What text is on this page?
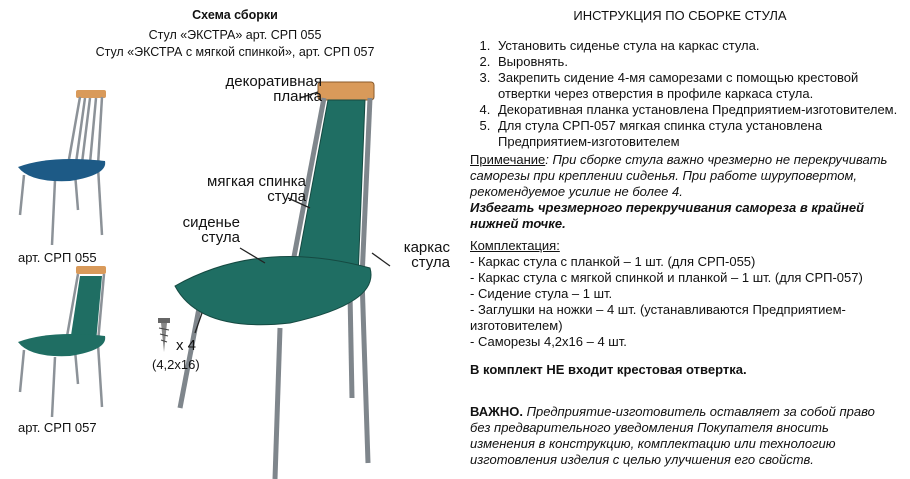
Схема сборки
Стул «ЭКСТРА» арт. СРП 055
Стул «ЭКСТРА с мягкой спинкой», арт. СРП 057
арт. СРП 055
арт. СРП 057
декоративная
планка
мягкая спинка
стула
сиденье
стула
каркас
стула
x 4
(4,2x16)
ИНСТРУКЦИЯ ПО СБОРКЕ СТУЛА
1. Установить сиденье стула на каркас стула.
2. Выровнять.
3. Закрепить сидение 4-мя саморезами с помощью крестовой отвертки через отверстия в профиле каркаса стула.
4. Декоративная планка установлена Предприятием-изготовителем.
5. Для стула СРП-057 мягкая спинка стула установлена Предприятием-изготовителем
Примечание: При сборке стула важно чрезмерно не перекручивать саморезы при креплении сиденья. При работе шуруповертом, рекомендуемое усилие не более 4.
Избегать чрезмерного перекручивания самореза в крайней нижней точке.
Комплектация:
- Каркас стула с планкой – 1 шт. (для СРП-055)
- Каркас стула с мягкой спинкой и планкой – 1 шт. (для СРП-057)
- Сидение стула – 1 шт.
- Заглушки на ножки – 4 шт. (устанавливаются Предприятием-изготовителем)
- Саморезы 4,2х16 – 4 шт.
В комплект НЕ входит крестовая отвертка.
ВАЖНО. Предприятие-изготовитель оставляет за собой право без предварительного уведомления Покупателя вносить изменения в конструкцию, комплектацию или технологию изготовления изделия с целью улучшения его свойств.
